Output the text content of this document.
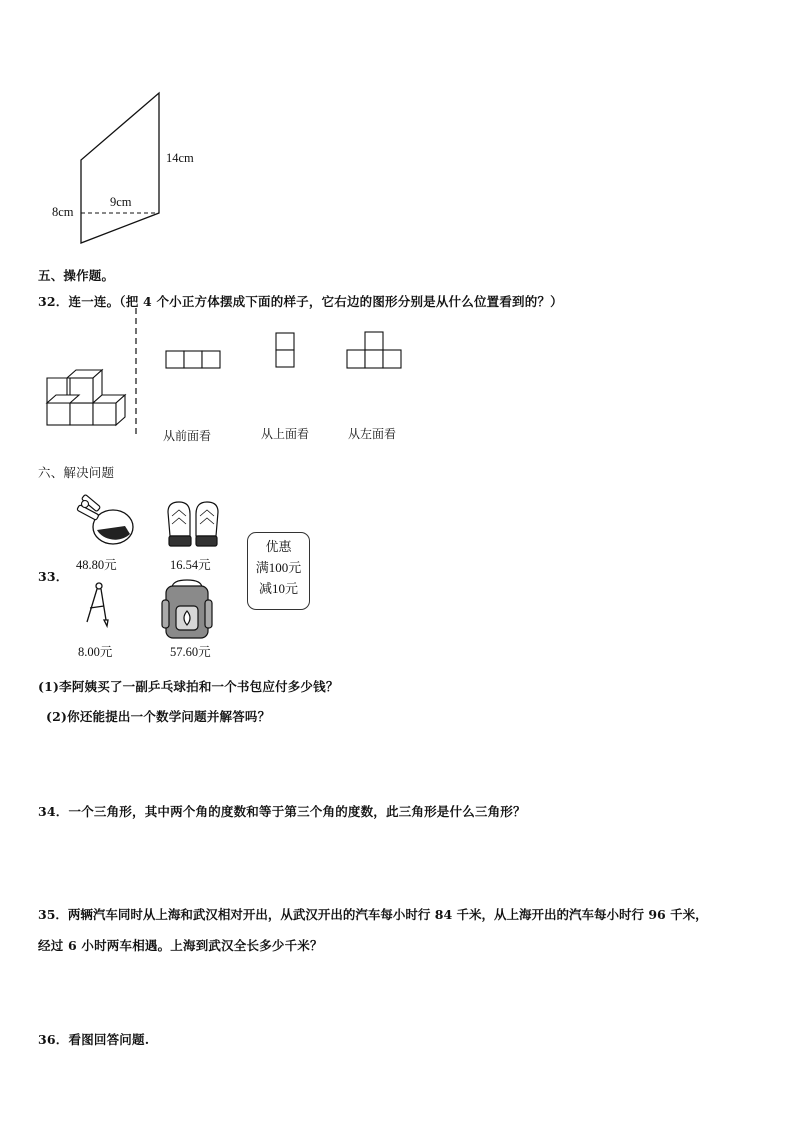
14cm
9cm
8cm
五、操作题。
32．连一连。（把 4 个小正方体摆成下面的样子，它右边的图形分别是从什么位置看到的？）
从前面看	从上面看	从左面看
六、解决问题
33．
48.80元	16.54元
8.00元	57.60元
优惠
满100元
减10元
(1)李阿姨买了一副乒乓球拍和一个书包应付多少钱？
(2)你还能提出一个数学问题并解答吗？
34．一个三角形，其中两个角的度数和等于第三个角的度数，此三角形是什么三角形？
35．两辆汽车同时从上海和武汉相对开出，从武汉开出的汽车每小时行 84 千米，从上海开出的汽车每小时行 96 千米，
经过 6 小时两车相遇。上海到武汉全长多少千米？
36．看图回答问题.
